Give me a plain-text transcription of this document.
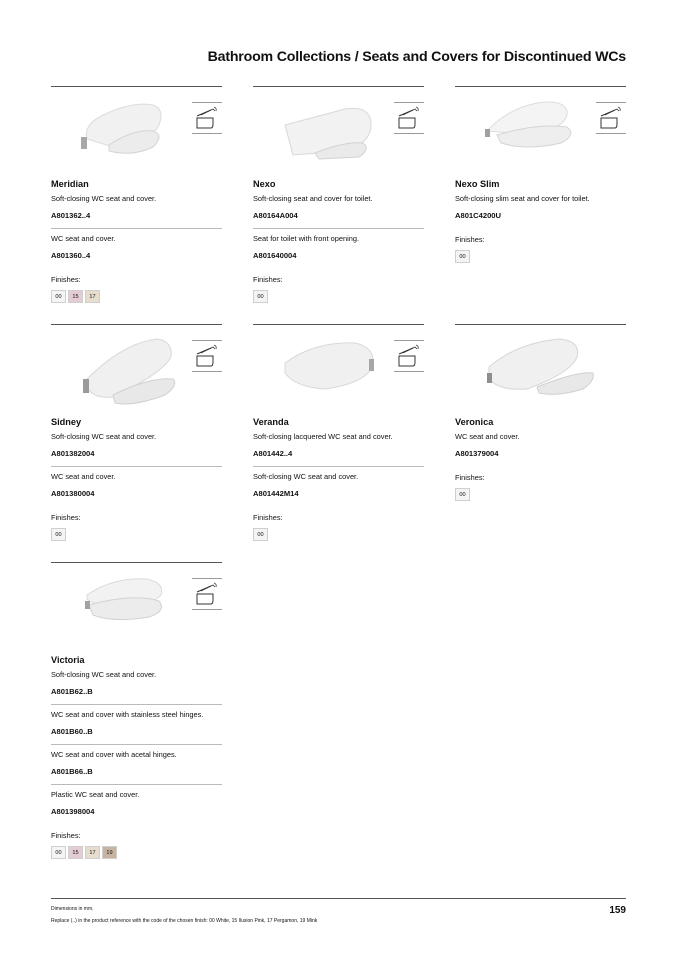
Bathroom Collections / Seats and Covers for Discontinued WCs
Meridian
Soft-closing WC seat and cover.
A801362..4
WC seat and cover.
A801360..4
Finishes:
00	15	17
Nexo
Soft-closing seat and cover for toilet.
A80164A004
Seat for toilet with front opening.
A801640004
Finishes:
00
Nexo Slim
Soft-closing slim seat and cover for toilet.
A801C4200U
Finishes:
00
Sidney
Soft-closing WC seat and cover.
A801382004
WC seat and cover.
A801380004
Finishes:
00
Veranda
Soft-closing lacquered WC seat and cover.
A801442..4
Soft-closing WC seat and cover.
A801442M14
Finishes:
00
Veronica
WC seat and cover.
A801379004
Finishes:
00
Victoria
Soft-closing WC seat and cover.
A801B62..B
WC seat and cover with stainless steel hinges.
A801B60..B
WC seat and cover with acetal hinges.
A801B66..B
Plastic WC seat and cover.
A801398004
Finishes:
00	15	17	19
Dimensions in mm.
Replace (..) in the product reference with the code of the chosen finish: 00 White, 15 Ilusion Pink, 17 Pergamon, 19 Mink
159
